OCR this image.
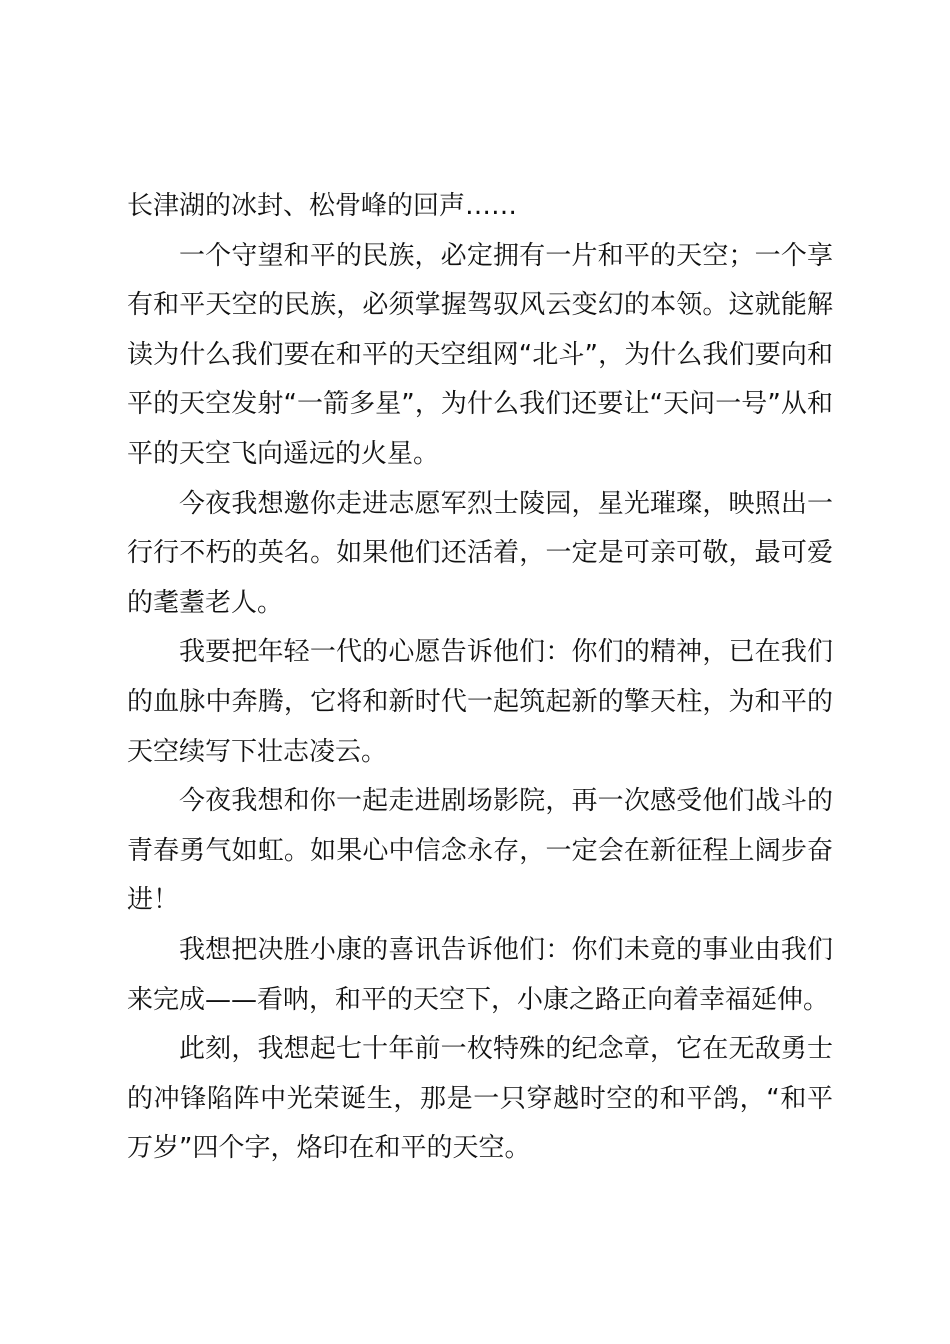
长津湖的冰封、松骨峰的回声……

一个守望和平的民族，必定拥有一片和平的天空；一个享有和平天空的民族，必须掌握驾驭风云变幻的本领。这就能解读为什么我们要在和平的天空组网“北斗”，为什么我们要向和平的天空发射“一箭多星”，为什么我们还要让“天问一号”从和平的天空飞向遥远的火星。

今夜我想邀你走进志愿军烈士陵园，星光璀璨，映照出一行行不朽的英名。如果他们还活着，一定是可亲可敬，最可爱的耄耋老人。

我要把年轻一代的心愿告诉他们：你们的精神，已在我们的血脉中奔腾，它将和新时代一起筑起新的擎天柱，为和平的天空续写下壮志凌云。

今夜我想和你一起走进剧场影院，再一次感受他们战斗的青春勇气如虹。如果心中信念永存，一定会在新征程上阔步奋进！

我想把决胜小康的喜讯告诉他们：你们未竟的事业由我们来完成——看呐，和平的天空下，小康之路正向着幸福延伸。

此刻，我想起七十年前一枚特殊的纪念章，它在无敌勇士的冲锋陷阵中光荣诞生，那是一只穿越时空的和平鸽，“和平万岁”四个字，烙印在和平的天空。
